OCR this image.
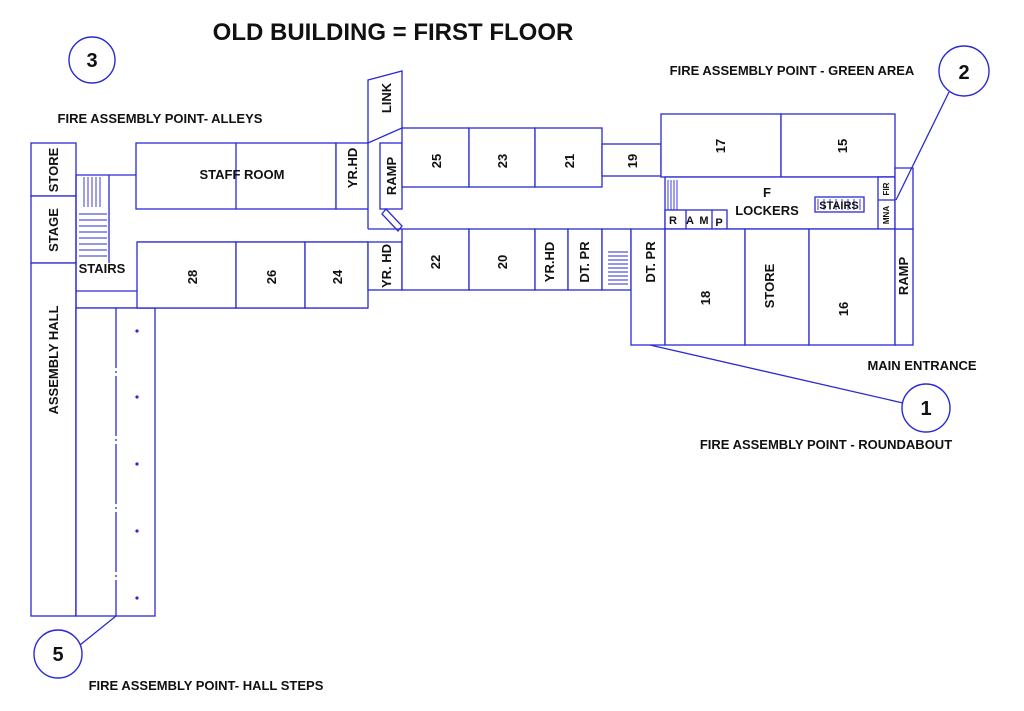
OLD BUILDING = FIRST FLOOR
STORE
STAGE
ASSEMBLY HALL
STAIRS
STAFF ROOM	YR.HD
LINK
RAMP 25	23	21	19
28	26	24	YR. HD	22	20 YR.HD DT. PR	DT. PR
17	15
F
LOCKERS STAIRS
R A M P
FIR
MNA
18	STORE
16
RAMP
MAIN ENTRANCE
3
FIRE ASSEMBLY POINT- ALLEYS
2
FIRE ASSEMBLY POINT - GREEN AREA
1
FIRE ASSEMBLY POINT - ROUNDABOUT
5
FIRE ASSEMBLY POINT- HALL STEPS
